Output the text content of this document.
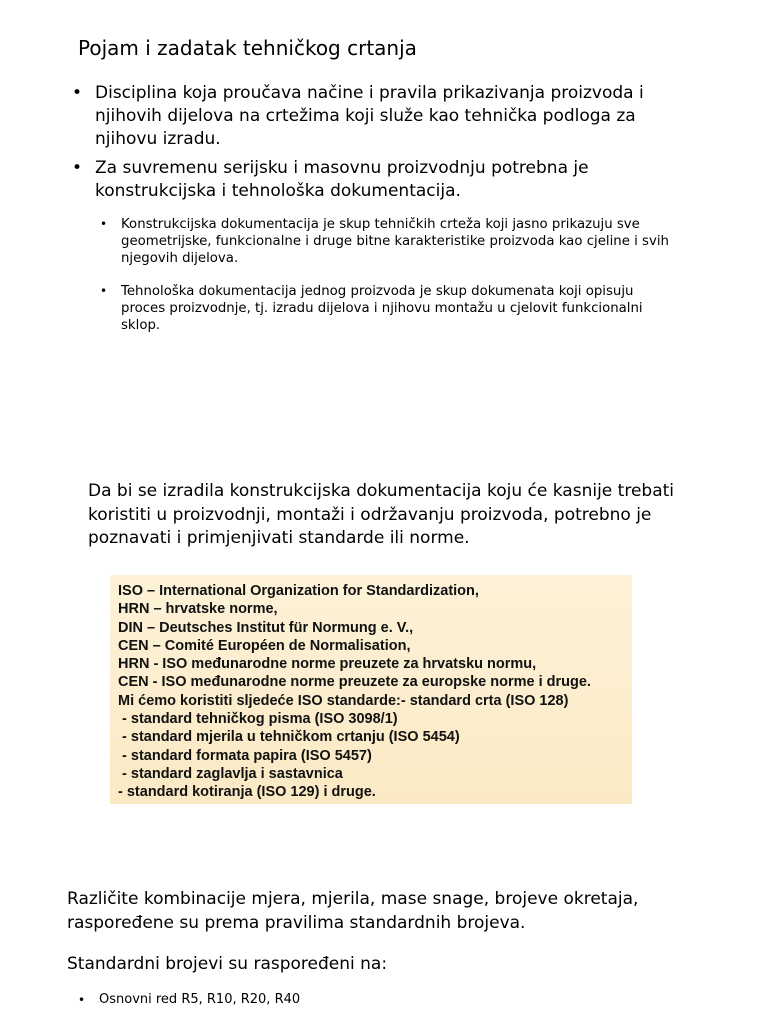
Pojam i zadatak tehničkog crtanja
• Disciplina koja proučava načine i pravila prikazivanja proizvoda i njihovih dijelova na crtežima koji služe kao tehnička podloga za njihovu izradu.
• Za suvremenu serijsku i masovnu proizvodnju potrebna je konstrukcijska i tehnološka dokumentacija.
• Konstrukcijska dokumentacija je skup tehničkih crteža koji jasno prikazuju sve geometrijske, funkcionalne i druge bitne karakteristike proizvoda kao cjeline i svih njegovih dijelova.
• Tehnološka dokumentacija jednog proizvoda je skup dokumenata koji opisuju proces proizvodnje, tj. izradu dijelova i njihovu montažu u cjelovit funkcionalni sklop.
Da bi se izradila konstrukcijska dokumentacija koju će kasnije trebati koristiti u proizvodnji, montaži i održavanju proizvoda, potrebno je poznavati i primjenjivati standarde ili norme.
ISO – International Organization for Standardization,
HRN – hrvatske norme,
DIN – Deutsches Institut für Normung e. V.,
CEN – Comité Européen de Normalisation,
HRN - ISO međunarodne norme preuzete za hrvatsku normu,
CEN - ISO međunarodne norme preuzete za europske norme i druge.
Mi ćemo koristiti sljedeće ISO standarde:- standard crta (ISO 128)
- standard tehničkog pisma (ISO 3098/1)
- standard mjerila u tehničkom crtanju (ISO 5454)
- standard formata papira (ISO 5457)
- standard zaglavlja i sastavnica
- standard kotiranja (ISO 129) i druge.
Različite kombinacije mjera, mjerila, mase snage, brojeve okretaja, raspoređene su prema pravilima standardnih brojeva.
Standardni brojevi su raspoređeni na:
• Osnovni red R5, R10, R20, R40
